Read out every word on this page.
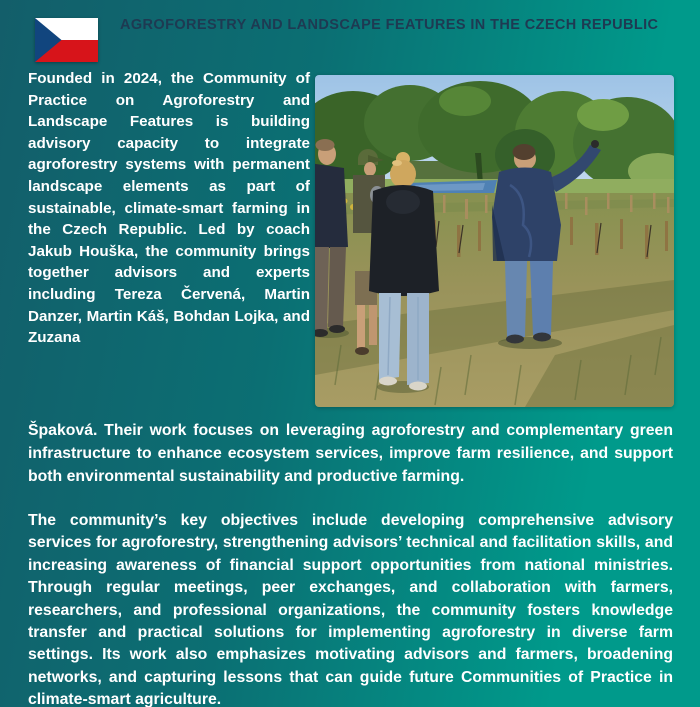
AGROFORESTRY AND LANDSCAPE FEATURES IN THE CZECH REPUBLIC
Founded in 2024, the Community of Practice on Agroforestry and Landscape Features is building advisory capacity to integrate agroforestry systems with permanent landscape elements as part of sustainable, climate-smart farming in the Czech Republic. Led by coach Jakub Houška, the community brings together advisors and experts including Tereza Červená, Martin Danzer, Martin Káš, Bohdan Lojka, and Zuzana
Špaková. Their work focuses on leveraging agroforestry and complementary green infrastructure to enhance ecosystem services, improve farm resilience, and support both environmental sustainability and productive farming.
The community’s key objectives include developing comprehensive advisory services for agroforestry, strengthening advisors’ technical and facilitation skills, and increasing awareness of financial support opportunities from national ministries. Through regular meetings, peer exchanges, and collaboration with farmers, researchers, and professional organizations, the community fosters knowledge transfer and practical solutions for implementing agroforestry in diverse farm settings. Its work also emphasizes motivating advisors and farmers, broadening networks, and capturing lessons that can guide future Communities of Practice in climate-smart agriculture.
